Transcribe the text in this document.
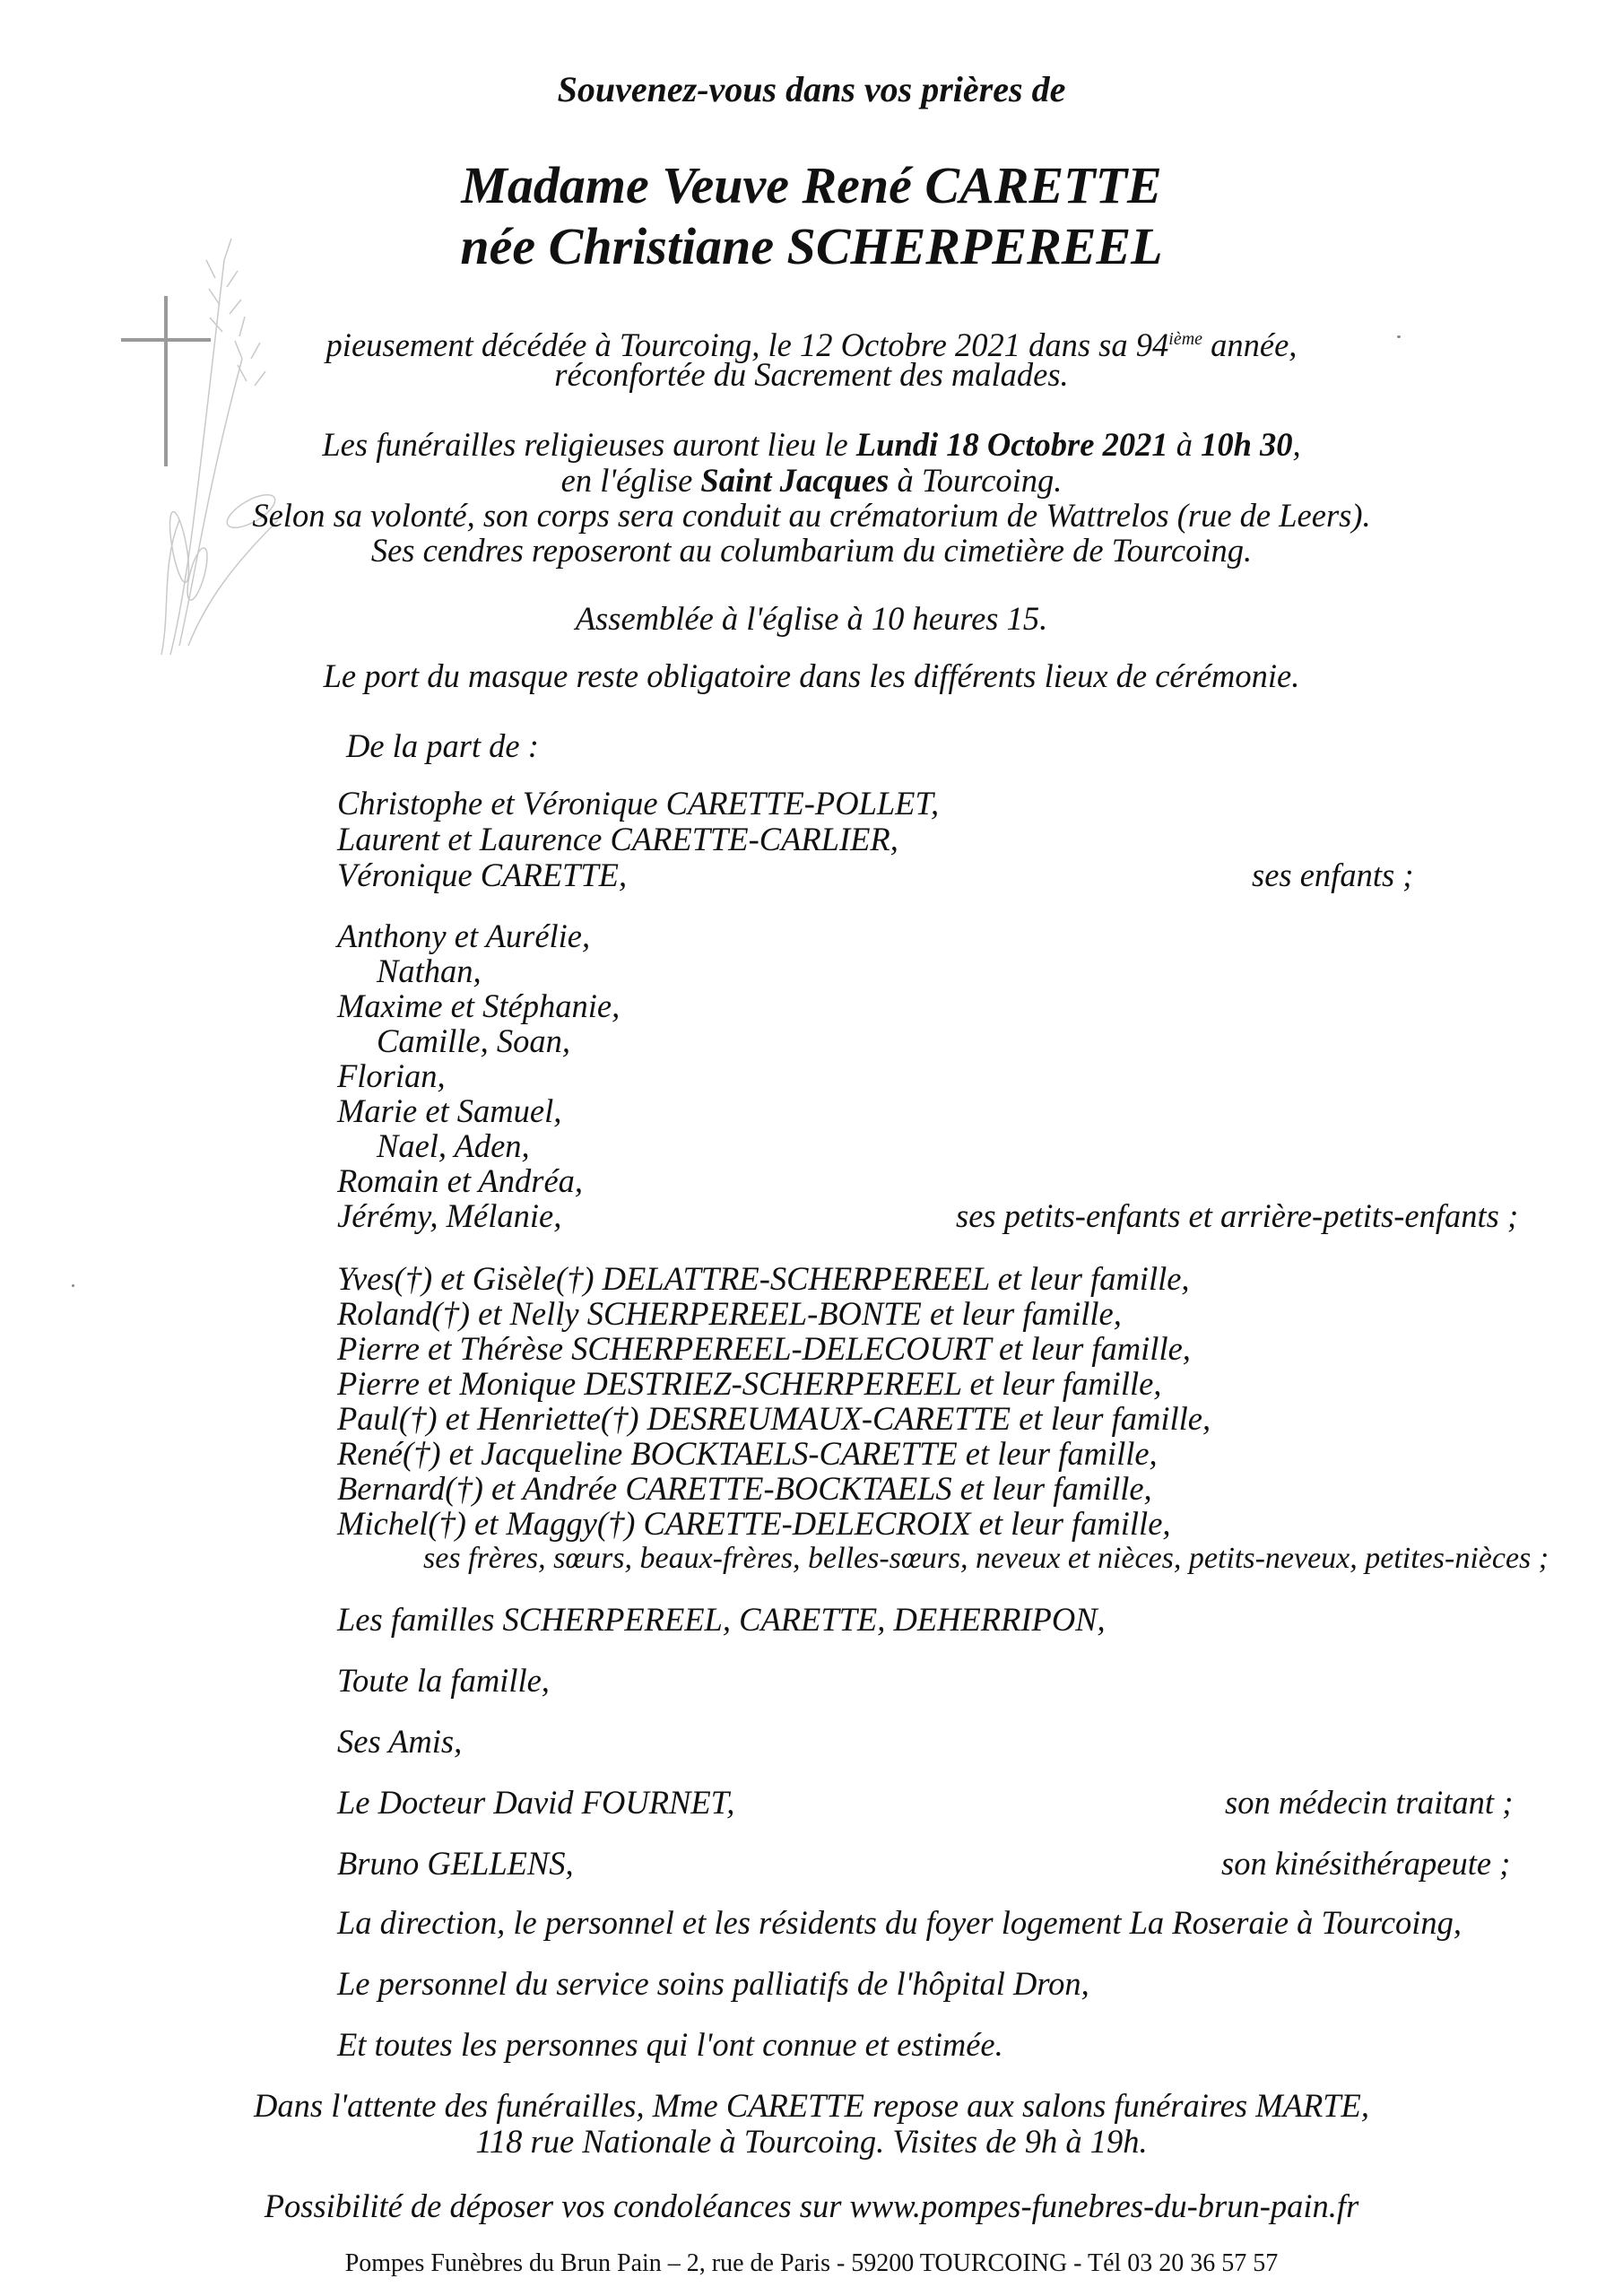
Souvenez-vous dans vos prières de
Madame Veuve René CARETTE
née Christiane SCHERPEREEL
pieusement décédée à Tourcoing, le 12 Octobre 2021 dans sa 94ième année,
réconfortée du Sacrement des malades.
Les funérailles religieuses auront lieu le Lundi 18 Octobre 2021 à 10h 30,
en l'église Saint Jacques à Tourcoing.
Selon sa volonté, son corps sera conduit au crématorium de Wattrelos (rue de Leers).
Ses cendres reposeront au columbarium du cimetière de Tourcoing.
Assemblée à l'église à 10 heures 15.
Le port du masque reste obligatoire dans les différents lieux de cérémonie.
De la part de :
Christophe et Véronique CARETTE-POLLET,
Laurent et Laurence CARETTE-CARLIER,
Véronique CARETTE,	ses enfants ;
Anthony et Aurélie,
Nathan,
Maxime et Stéphanie,
Camille, Soan,
Florian,
Marie et Samuel,
Nael, Aden,
Romain et Andréa,
Jérémy, Mélanie,	ses petits-enfants et arrière-petits-enfants ;
Yves(†) et Gisèle(†) DELATTRE-SCHERPEREEL et leur famille,
Roland(†) et Nelly SCHERPEREEL-BONTE et leur famille,
Pierre et Thérèse SCHERPEREEL-DELECOURT et leur famille,
Pierre et Monique DESTRIEZ-SCHERPEREEL et leur famille,
Paul(†) et Henriette(†) DESREUMAUX-CARETTE et leur famille,
René(†) et Jacqueline BOCKTAELS-CARETTE et leur famille,
Bernard(†) et Andrée CARETTE-BOCKTAELS et leur famille,
Michel(†) et Maggy(†) CARETTE-DELECROIX et leur famille,
ses frères, sœurs, beaux-frères, belles-sœurs, neveux et nièces, petits-neveux, petites-nièces ;
Les familles SCHERPEREEL, CARETTE, DEHERRIPON,
Toute la famille,
Ses Amis,
Le Docteur David FOURNET,	son médecin traitant ;
Bruno GELLENS,	son kinésithérapeute ;
La direction, le personnel et les résidents du foyer logement La Roseraie à Tourcoing,
Le personnel du service soins palliatifs de l'hôpital Dron,
Et toutes les personnes qui l'ont connue et estimée.
Dans l'attente des funérailles, Mme CARETTE repose aux salons funéraires MARTE,
118 rue Nationale à Tourcoing. Visites de 9h à 19h.
Possibilité de déposer vos condoléances sur www.pompes-funebres-du-brun-pain.fr
Pompes Funèbres du Brun Pain – 2, rue de Paris - 59200 TOURCOING - Tél 03 20 36 57 57
